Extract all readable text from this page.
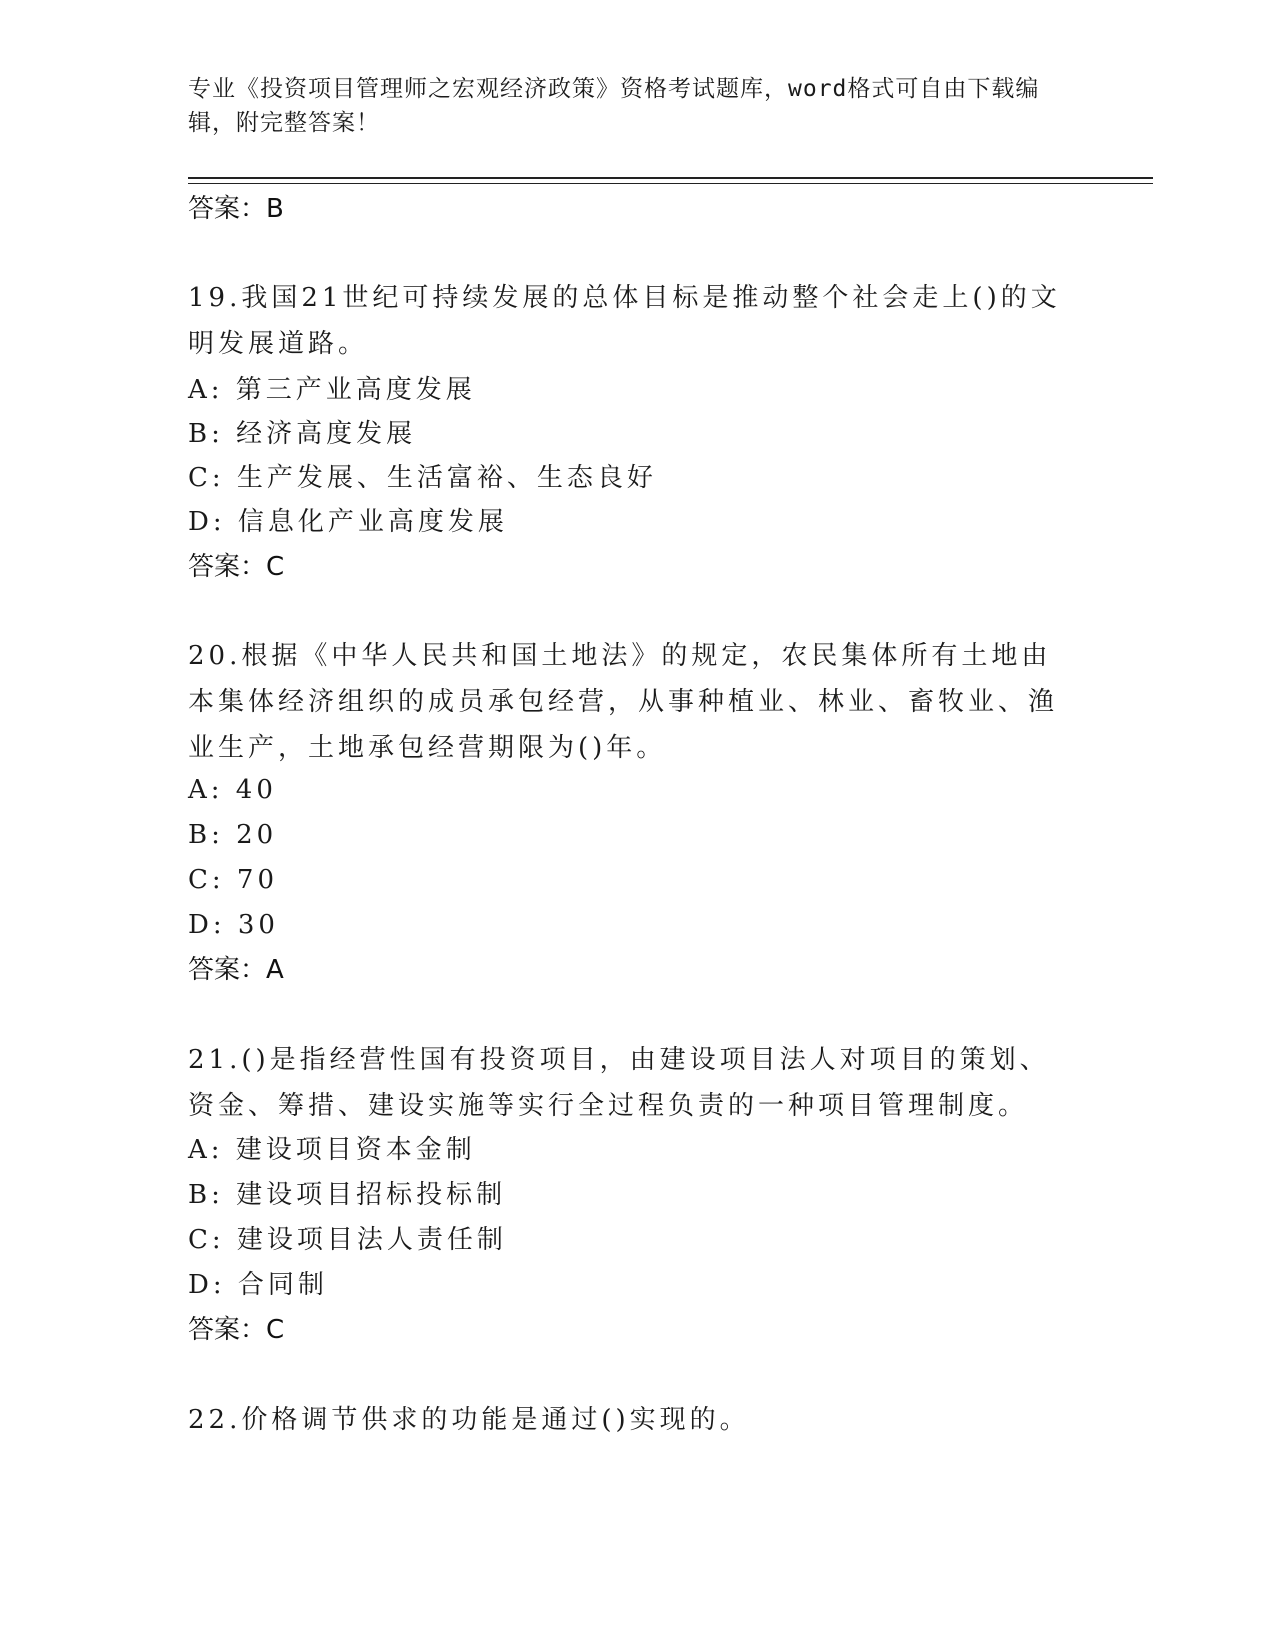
专业《投资项目管理师之宏观经济政策》资格考试题库，word格式可自由下载编辑，附完整答案！

答案：B

19.我国21世纪可持续发展的总体目标是推动整个社会走上()的文明发展道路。

A: 第三产业高度发展

B: 经济高度发展

C: 生产发展、生活富裕、生态良好

D: 信息化产业高度发展

答案：C

20.根据《中华人民共和国土地法》的规定，农民集体所有土地由本集体经济组织的成员承包经营，从事种植业、林业、畜牧业、渔业生产，土地承包经营期限为()年。

A: 40

B: 20

C: 70

D: 30

答案：A

21.()是指经营性国有投资项目，由建设项目法人对项目的策划、资金、筹措、建设实施等实行全过程负责的一种项目管理制度。

A: 建设项目资本金制

B: 建设项目招标投标制

C: 建设项目法人责任制

D: 合同制

答案：C

22.价格调节供求的功能是通过()实现的。
